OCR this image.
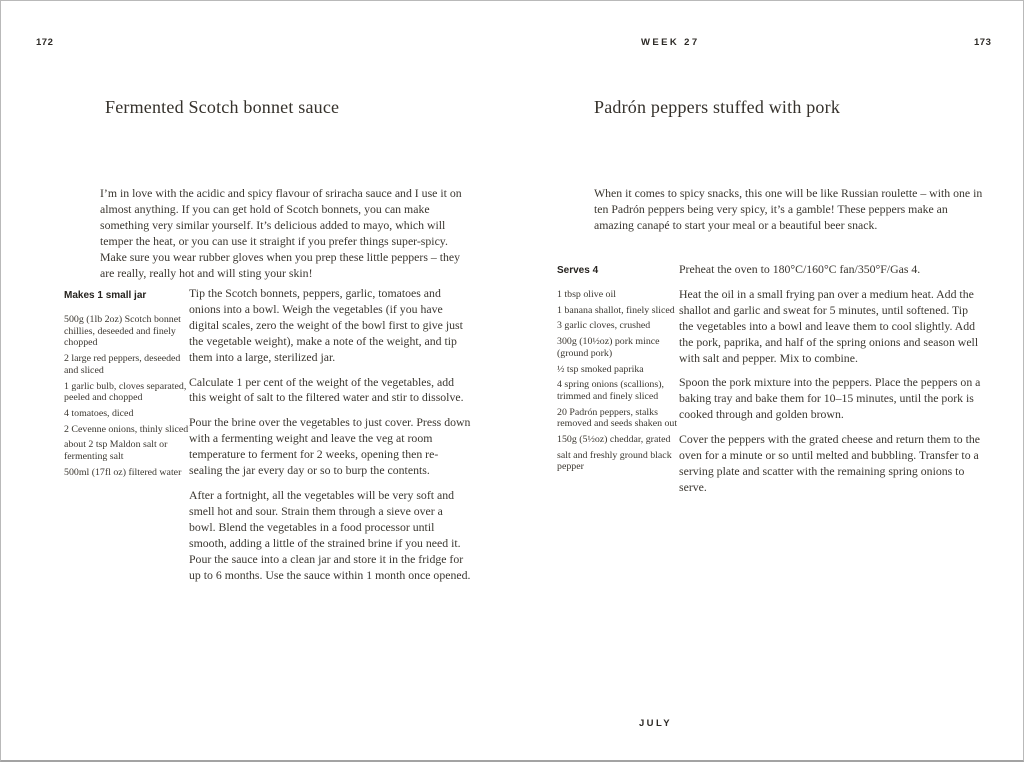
172	WEEK 27	173
Fermented Scotch bonnet sauce

I’m in love with the acidic and spicy flavour of sriracha sauce and I use it on almost anything. If you can get hold of Scotch bonnets, you can make something very similar yourself. It’s delicious added to mayo, which will temper the heat, or you can use it straight if you prefer things super-spicy. Make sure you wear rubber gloves when you prep these little peppers – they are really, really hot and will sting your skin!

Makes 1 small jar

500g (1lb 2oz) Scotch bonnet chillies, deseeded and finely chopped

2 large red peppers, deseeded and sliced

1 garlic bulb, cloves separated, peeled and chopped

4 tomatoes, diced

2 Cevenne onions, thinly sliced

about 2 tsp Maldon salt or fermenting salt

500ml (17fl oz) filtered water

Tip the Scotch bonnets, peppers, garlic, tomatoes and onions into a bowl. Weigh the vegetables (if you have digital scales, zero the weight of the bowl first to give just the vegetable weight), make a note of the weight, and tip them into a large, sterilized jar.

Calculate 1 per cent of the weight of the vegetables, add this weight of salt to the filtered water and stir to dissolve.

Pour the brine over the vegetables to just cover. Press down with a fermenting weight and leave the veg at room temperature to ferment for 2 weeks, opening then re-sealing the jar every day or so to burp the contents.

After a fortnight, all the vegetables will be very soft and smell hot and sour. Strain them through a sieve over a bowl. Blend the vegetables in a food processor until smooth, adding a little of the strained brine if you need it. Pour the sauce into a clean jar and store it in the fridge for up to 6 months. Use the sauce within 1 month once opened.

Padrón peppers stuffed with pork

When it comes to spicy snacks, this one will be like Russian roulette – with one in ten Padrón peppers being very spicy, it’s a gamble! These peppers make an amazing canapé to start your meal or a beautiful beer snack.

Serves 4

1 tbsp olive oil

1 banana shallot, finely sliced

3 garlic cloves, crushed

300g (10½oz) pork mince (ground pork)

½ tsp smoked paprika

4 spring onions (scallions), trimmed and finely sliced

20 Padrón peppers, stalks removed and seeds shaken out

150g (5½oz) cheddar, grated

salt and freshly ground black pepper

Preheat the oven to 180°C/160°C fan/350°F/Gas 4.

Heat the oil in a small frying pan over a medium heat. Add the shallot and garlic and sweat for 5 minutes, until softened. Tip the vegetables into a bowl and leave them to cool slightly. Add the pork, paprika, and half of the spring onions and season well with salt and pepper. Mix to combine.

Spoon the pork mixture into the peppers. Place the peppers on a baking tray and bake them for 10–15 minutes, until the pork is cooked through and golden brown.

Cover the peppers with the grated cheese and return them to the oven for a minute or so until melted and bubbling. Transfer to a serving plate and scatter with the remaining spring onions to serve.

JULY
